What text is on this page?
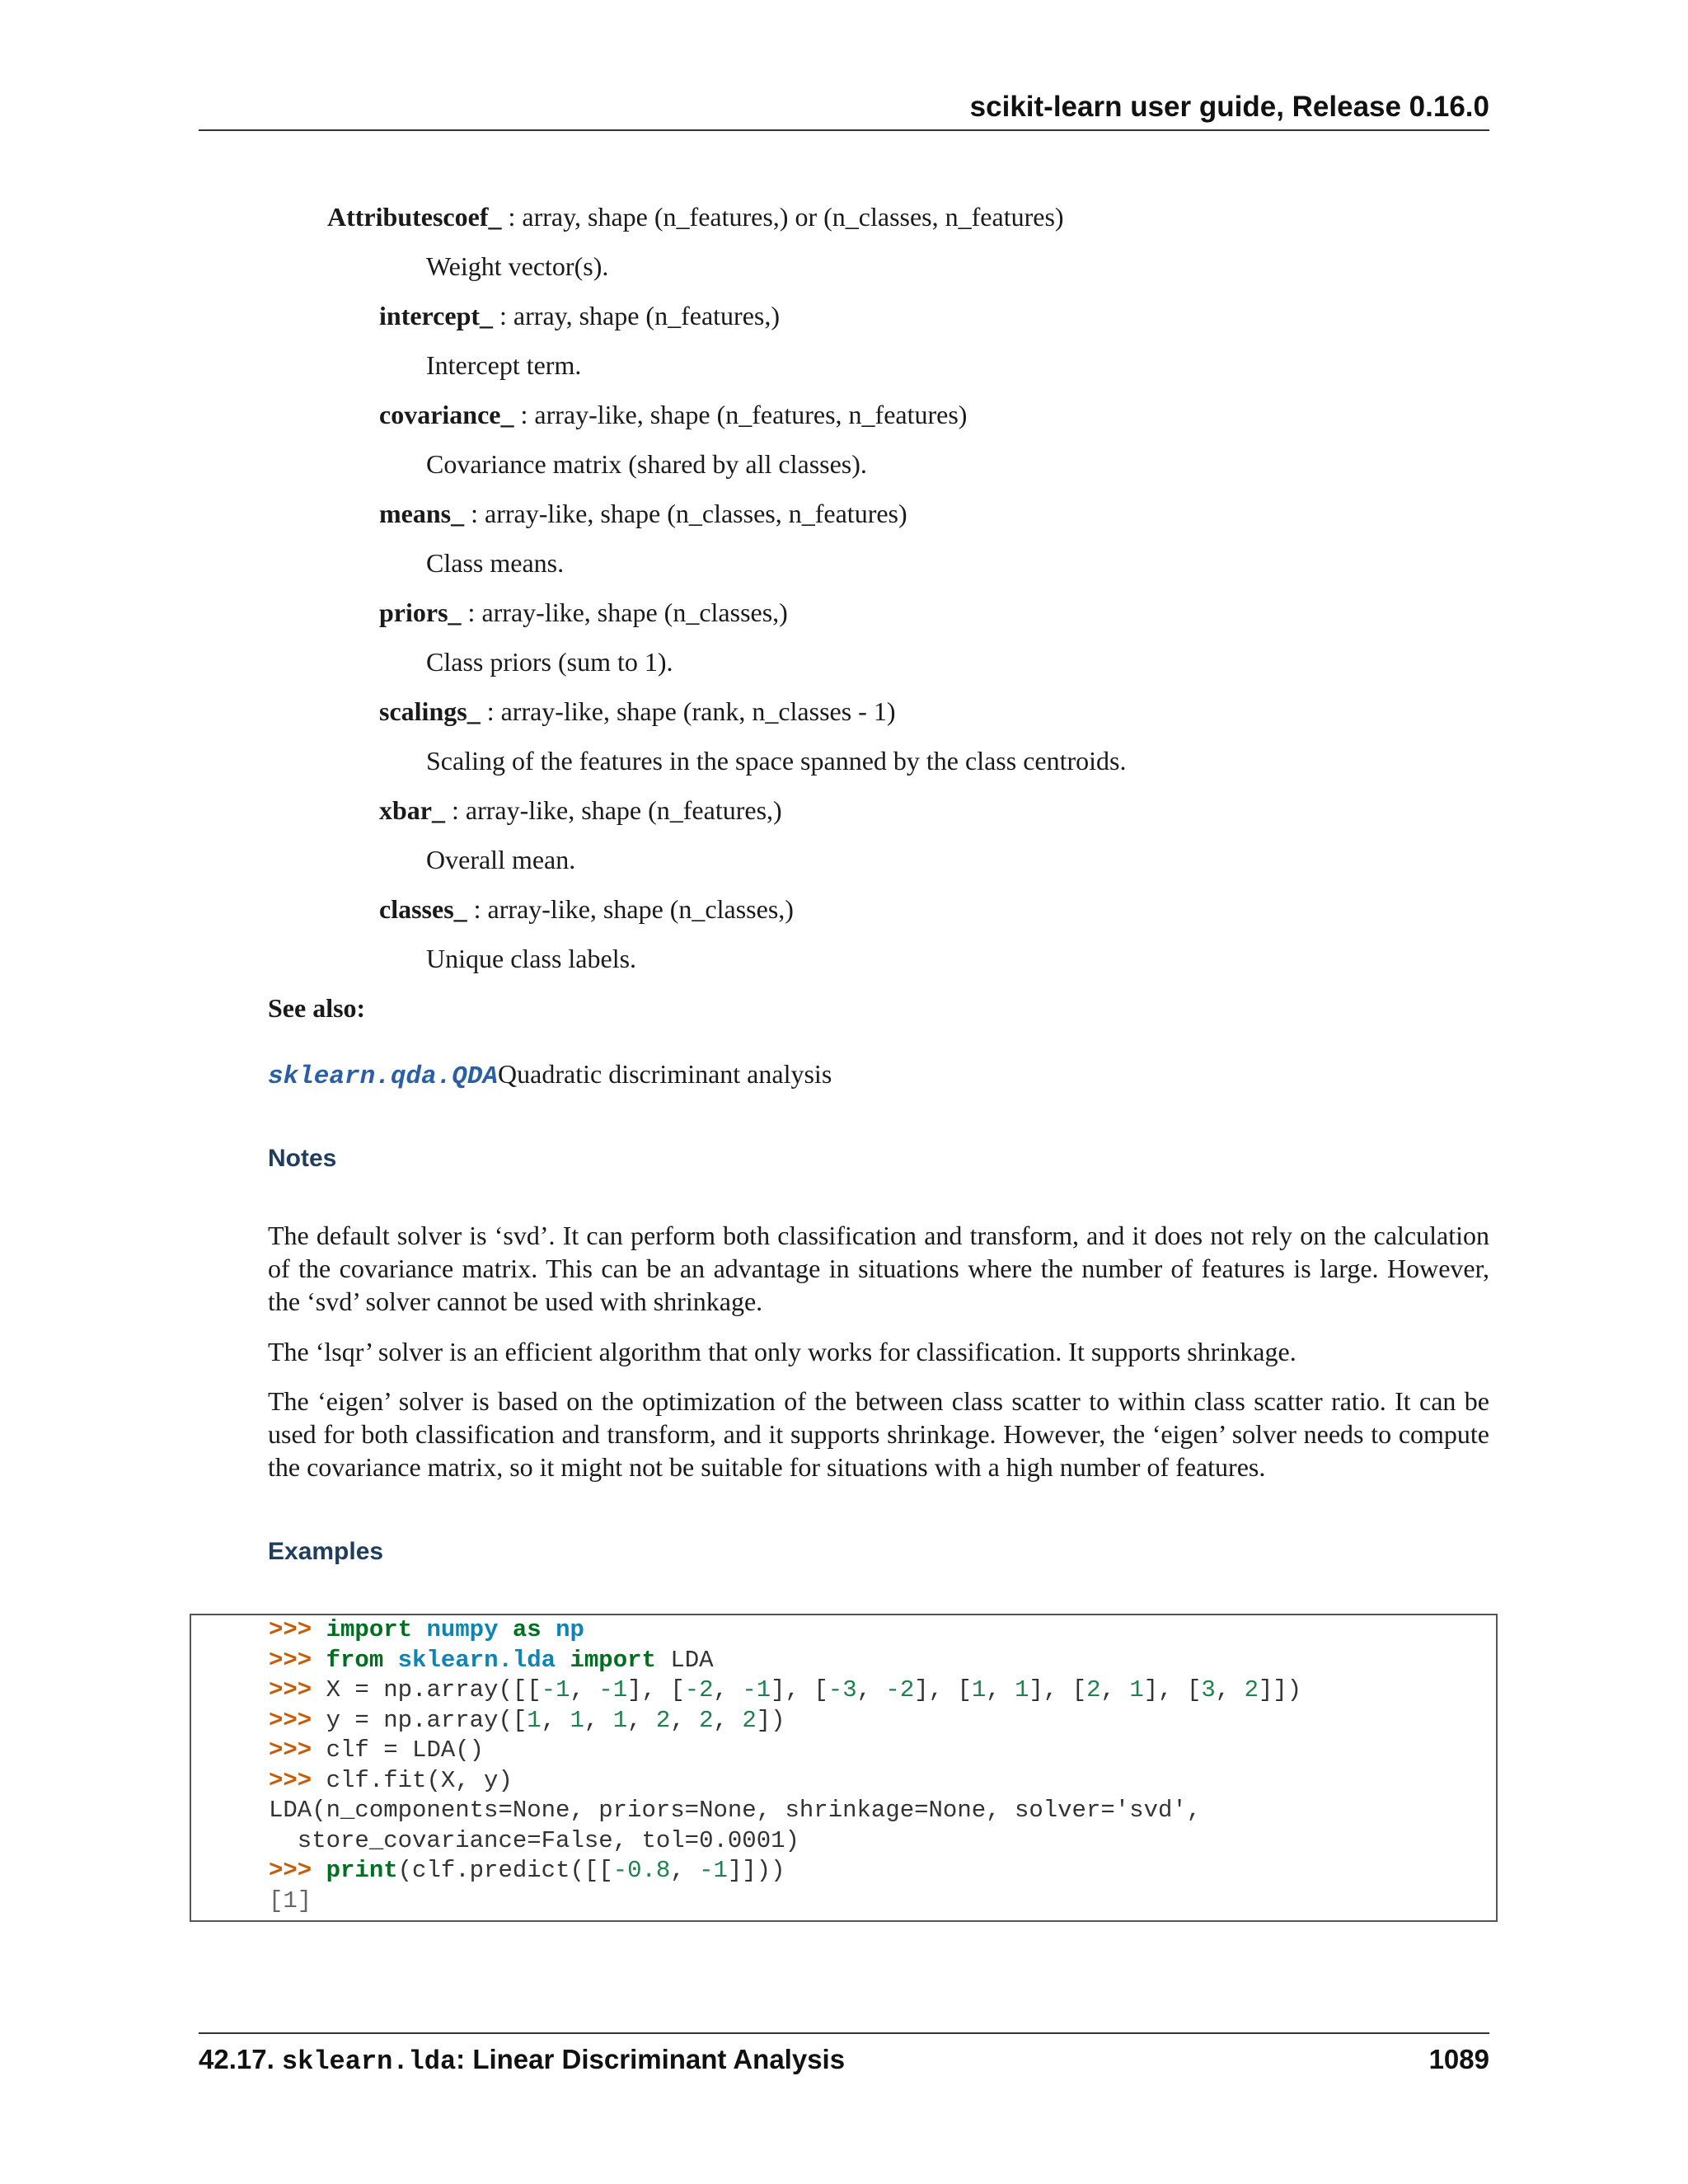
scikit-learn user guide, Release 0.16.0
Attributescoef_ : array, shape (n_features,) or (n_classes, n_features)
Weight vector(s).
intercept_ : array, shape (n_features,)
Intercept term.
covariance_ : array-like, shape (n_features, n_features)
Covariance matrix (shared by all classes).
means_ : array-like, shape (n_classes, n_features)
Class means.
priors_ : array-like, shape (n_classes,)
Class priors (sum to 1).
scalings_ : array-like, shape (rank, n_classes - 1)
Scaling of the features in the space spanned by the class centroids.
xbar_ : array-like, shape (n_features,)
Overall mean.
classes_ : array-like, shape (n_classes,)
Unique class labels.
See also:
sklearn.qda.QDAQuadratic discriminant analysis
Notes
The default solver is ‘svd’. It can perform both classification and transform, and it does not rely on the calculation of the covariance matrix. This can be an advantage in situations where the number of features is large. However, the ‘svd’ solver cannot be used with shrinkage.
The ‘lsqr’ solver is an efficient algorithm that only works for classification. It supports shrinkage.
The ‘eigen’ solver is based on the optimization of the between class scatter to within class scatter ratio. It can be used for both classification and transform, and it supports shrinkage. However, the ‘eigen’ solver needs to compute the covariance matrix, so it might not be suitable for situations with a high number of features.
Examples
>>> import numpy as np
>>> from sklearn.lda import LDA
>>> X = np.array([[-1, -1], [-2, -1], [-3, -2], [1, 1], [2, 1], [3, 2]])
>>> y = np.array([1, 1, 1, 2, 2, 2])
>>> clf = LDA()
>>> clf.fit(X, y)
LDA(n_components=None, priors=None, shrinkage=None, solver='svd',
store_covariance=False, tol=0.0001)
>>> print(clf.predict([[-0.8, -1]]))
[1]
42.17. sklearn.lda: Linear Discriminant Analysis	1089
